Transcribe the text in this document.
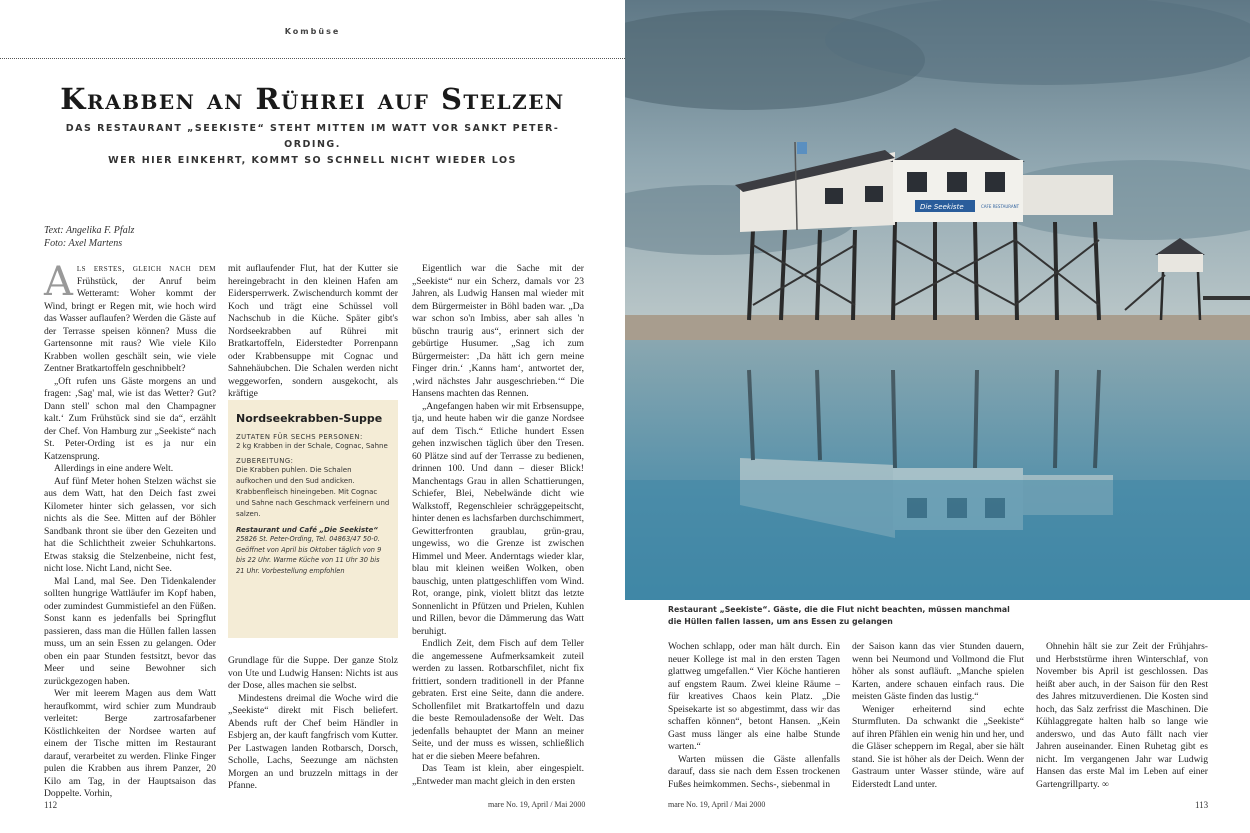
Kombüse
Krabben an Rührei auf Stelzen
DAS RESTAURANT „SEEKISTE“ STEHT MITTEN IM WATT VOR SANKT PETER-ORDING.
WER HIER EINKEHRT, KOMMT SO SCHNELL NICHT WIEDER LOS
Text: Angelika F. Pfalz
Foto: Axel Martens

Als erstes, gleich nach dem Frühstück, der Anruf beim Wetteramt: Woher kommt der Wind, bringt er Regen mit, wie hoch wird das Wasser auflaufen? Werden die Gäste auf der Terrasse speisen können? Muss die Gartensonne mit raus? Wie viele Kilo Krabben wollen geschält sein, wie viele Zentner Bratkartoffeln geschnibbelt?

„Oft rufen uns Gäste morgens an und fragen: ‚Sag' mal, wie ist das Wetter? Gut? Dann stell' schon mal den Champagner kalt.‘ Zum Frühstück sind sie da“, erzählt der Chef. Von Hamburg zur „Seekiste“ nach St. Peter-Ording ist es ja nur ein Katzensprung.

Allerdings in eine andere Welt.

Auf fünf Meter hohen Stelzen wächst sie aus dem Watt, hat den Deich fast zwei Kilometer hinter sich gelassen, vor sich nichts als die See. Mitten auf der Böhler Sandbank thront sie über den Gezeiten und hat die Schlichtheit zweier Schuhkartons. Etwas staksig die Stelzenbeine, nicht fest, nicht lose. Nicht Land, nicht See.

Mal Land, mal See. Den Tidenkalender sollten hungrige Wattläufer im Kopf haben, oder zumindest Gummistiefel an den Füßen. Sonst kann es jedenfalls bei Springflut passieren, dass man die Hüllen fallen lassen muss, um an sein Essen zu gelangen. Oder oben ein paar Stunden festsitzt, bevor das Meer und seine Bewohner sich zurückgezogen haben.

Wer mit leerem Magen aus dem Watt heraufkommt, wird schier zum Mundraub verleitet: Berge zartrosafarbener Köstlichkeiten der Nordsee warten auf einem der Tische mitten im Restaurant darauf, verarbeitet zu werden. Flinke Finger pulen die Krabben aus ihrem Panzer, 20 Kilo am Tag, in der Hauptsaison das Doppelte. Vorhin,

mit auflaufender Flut, hat der Kutter sie hereingebracht in den kleinen Hafen am Eidersperrwerk. Zwischendurch kommt der Koch und trägt eine Schüssel voll Nachschub in die Küche. Später gibt's Nordseekrabben auf Rührei mit Bratkartoffeln, Eiderstedter Porrenpann oder Krabbensuppe mit Cognac und Sahnehäubchen. Die Schalen werden nicht weggeworfen, sondern ausgekocht, als kräftige

Nordseekrabben-Suppe
ZUTATEN FÜR SECHS PERSONEN:
2 kg Krabben in der Schale, Cognac, Sahne
ZUBEREITUNG:
Die Krabben puhlen. Die Schalen aufkochen und den Sud andicken. Krabbenfleisch hineingeben. Mit Cognac und Sahne nach Geschmack verfeinern und salzen.
Restaurant und Café „Die Seekiste“
25826 St. Peter-Ording, Tel. 04863/47 50-0. Geöffnet von April bis Oktober täglich von 9 bis 22 Uhr. Warme Küche von 11 Uhr 30 bis 21 Uhr. Vorbestellung empfohlen

Grundlage für die Suppe. Der ganze Stolz von Ute und Ludwig Hansen: Nichts ist aus der Dose, alles machen sie selbst.

Mindestens dreimal die Woche wird die „Seekiste“ direkt mit Fisch beliefert. Abends ruft der Chef beim Händler in Esbjerg an, der kauft fangfrisch vom Kutter. Per Lastwagen landen Rotbarsch, Dorsch, Scholle, Lachs, Seezunge am nächsten Morgen an und bruzzeln mittags in der Pfanne.

Eigentlich war die Sache mit der „Seekiste“ nur ein Scherz, damals vor 23 Jahren, als Ludwig Hansen mal wieder mit dem Bürgermeister in Böhl baden war. „Da war schon so'n Imbiss, aber sah alles 'n büschn traurig aus“, erinnert sich der gebürtige Husumer. „Sag ich zum Bürgermeister: ‚Da hätt ich gern meine Finger drin.‘ ‚Kanns ham‘, antwortet der, ‚wird nächstes Jahr ausgeschrieben.‘“ Die Hansens machten das Rennen.

„Angefangen haben wir mit Erbsensuppe, tja, und heute haben wir die ganze Nordsee auf dem Tisch.“ Etliche hundert Essen gehen inzwischen täglich über den Tresen. 60 Plätze sind auf der Terrasse zu bedienen, drinnen 100. Und dann – dieser Blick! Manchentags Grau in allen Schattierungen, Schiefer, Blei, Nebelwände dicht wie Walkstoff, Regenschleier schräggepeitscht, hinter denen es lachsfarben durchschimmert, Gewitterfronten graublau, grün-grau, ungewiss, wo die Grenze ist zwischen Himmel und Meer. Anderntags wieder klar, blau mit kleinen weißen Wolken, oben bauschig, unten plattgeschliffen vom Wind. Rot, orange, pink, violett blitzt das letzte Sonnenlicht in Pfützen und Prielen, Kuhlen und Rillen, bevor die Dämmerung das Watt beruhigt.

Endlich Zeit, dem Fisch auf dem Teller die angemessene Aufmerksamkeit zuteil werden zu lassen. Rotbarschfilet, nicht fix frittiert, sondern traditionell in der Pfanne gebraten. Erst eine Seite, dann die andere. Schollenfilet mit Bratkartoffeln und dazu die beste Remouladensoße der Welt. Das jedenfalls behauptet der Mann an meiner Seite, und der muss es wissen, schließlich hat er die sieben Meere befahren.

Das Team ist klein, aber eingespielt. „Entweder man macht gleich in den ersten

112	mare No. 19, April / Mai 2000
Die Seekiste	CAFE RESTAURANT
Restaurant „Seekiste“. Gäste, die die Flut nicht beachten, müssen manchmal
die Hüllen fallen lassen, um ans Essen zu gelangen

Wochen schlapp, oder man hält durch. Ein neuer Kollege ist mal in den ersten Tagen glattweg umgefallen.“ Vier Köche hantieren auf engstem Raum. Zwei kleine Räume – für kreatives Chaos kein Platz. „Die Speisekarte ist so abgestimmt, dass wir das schaffen können“, betont Hansen. „Kein Gast muss länger als eine halbe Stunde warten.“

Warten müssen die Gäste allenfalls darauf, dass sie nach dem Essen trockenen Fußes heimkommen. Sechs-, siebenmal in

der Saison kann das vier Stunden dauern, wenn bei Neumond und Vollmond die Flut höher als sonst aufläuft. „Manche spielen Karten, andere schauen einfach raus. Die meisten Gäste finden das lustig.“

Weniger erheiternd sind echte Sturmfluten. Da schwankt die „Seekiste“ auf ihren Pfählen ein wenig hin und her, und die Gläser scheppern im Regal, aber sie hält stand. Sie ist höher als der Deich. Wenn der Gastraum unter Wasser stünde, wäre auf Eiderstedt Land unter.

Ohnehin hält sie zur Zeit der Frühjahrs- und Herbststürme ihren Winterschlaf, von November bis April ist geschlossen. Das heißt aber auch, in der Saison für den Rest des Jahres mitzuverdienen. Die Kosten sind hoch, das Salz zerfrisst die Maschinen. Die Kühlaggregate halten halb so lange wie anderswo, und das Auto fällt nach vier Jahren auseinander. Einen Ruhetag gibt es nicht. Im vergangenen Jahr war Ludwig Hansen das erste Mal im Leben auf einer Gartengrillparty. ∞

mare No. 19, April / Mai 2000	113
